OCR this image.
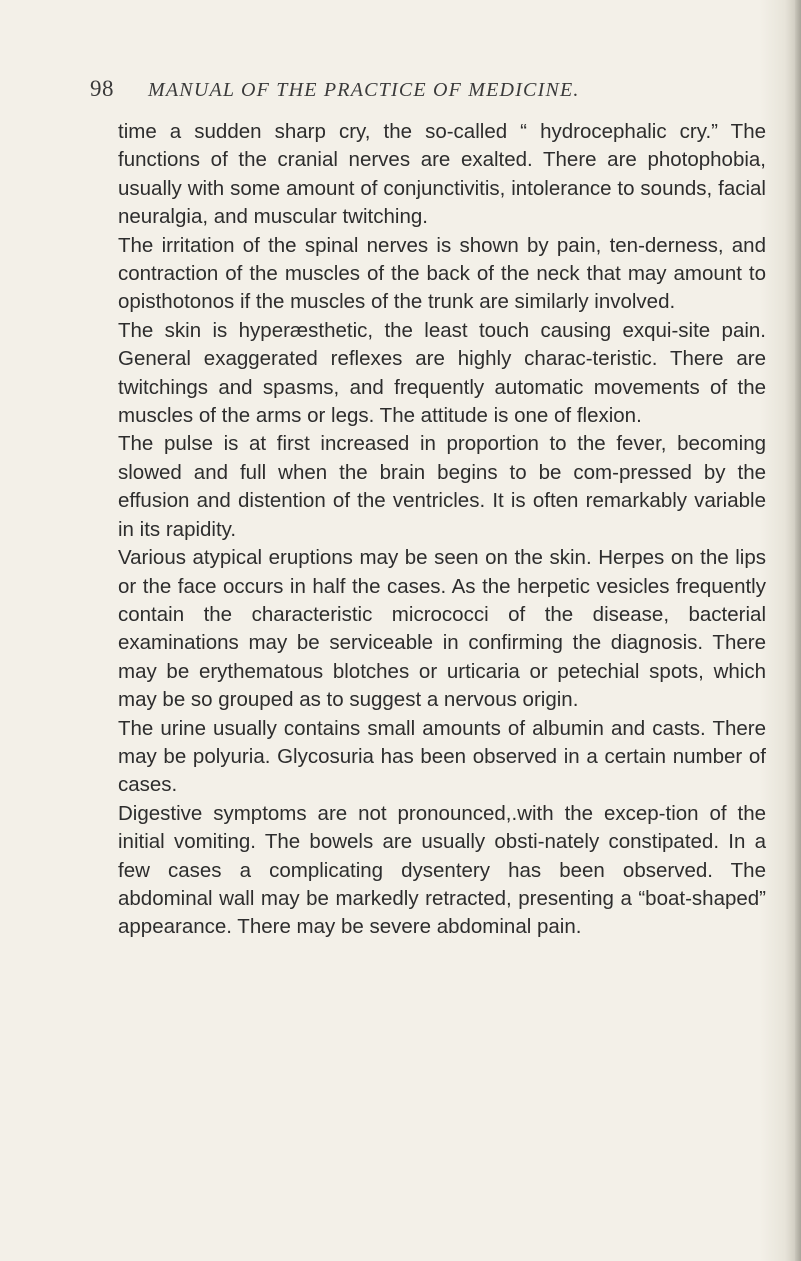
98 MANUAL OF THE PRACTICE OF MEDICINE.

time a sudden sharp cry, the so-called “ hydrocephalic cry.” The functions of the cranial nerves are exalted. There are photophobia, usually with some amount of conjunctivitis, intolerance to sounds, facial neuralgia, and muscular twitching.

The irritation of the spinal nerves is shown by pain, ten-derness, and contraction of the muscles of the back of the neck that may amount to opisthotonos if the muscles of the trunk are similarly involved.

The skin is hyperæsthetic, the least touch causing exqui-site pain. General exaggerated reflexes are highly charac-teristic. There are twitchings and spasms, and frequently automatic movements of the muscles of the arms or legs. The attitude is one of flexion.

The pulse is at first increased in proportion to the fever, becoming slowed and full when the brain begins to be com-pressed by the effusion and distention of the ventricles. It is often remarkably variable in its rapidity.

Various atypical eruptions may be seen on the skin. Herpes on the lips or the face occurs in half the cases. As the herpetic vesicles frequently contain the characteristic micrococci of the disease, bacterial examinations may be serviceable in confirming the diagnosis. There may be erythematous blotches or urticaria or petechial spots, which may be so grouped as to suggest a nervous origin.

The urine usually contains small amounts of albumin and casts. There may be polyuria. Glycosuria has been observed in a certain number of cases.

Digestive symptoms are not pronounced,.with the excep-tion of the initial vomiting. The bowels are usually obsti-nately constipated. In a few cases a complicating dysentery has been observed. The abdominal wall may be markedly retracted, presenting a “boat-shaped” appearance. There may be severe abdominal pain.
